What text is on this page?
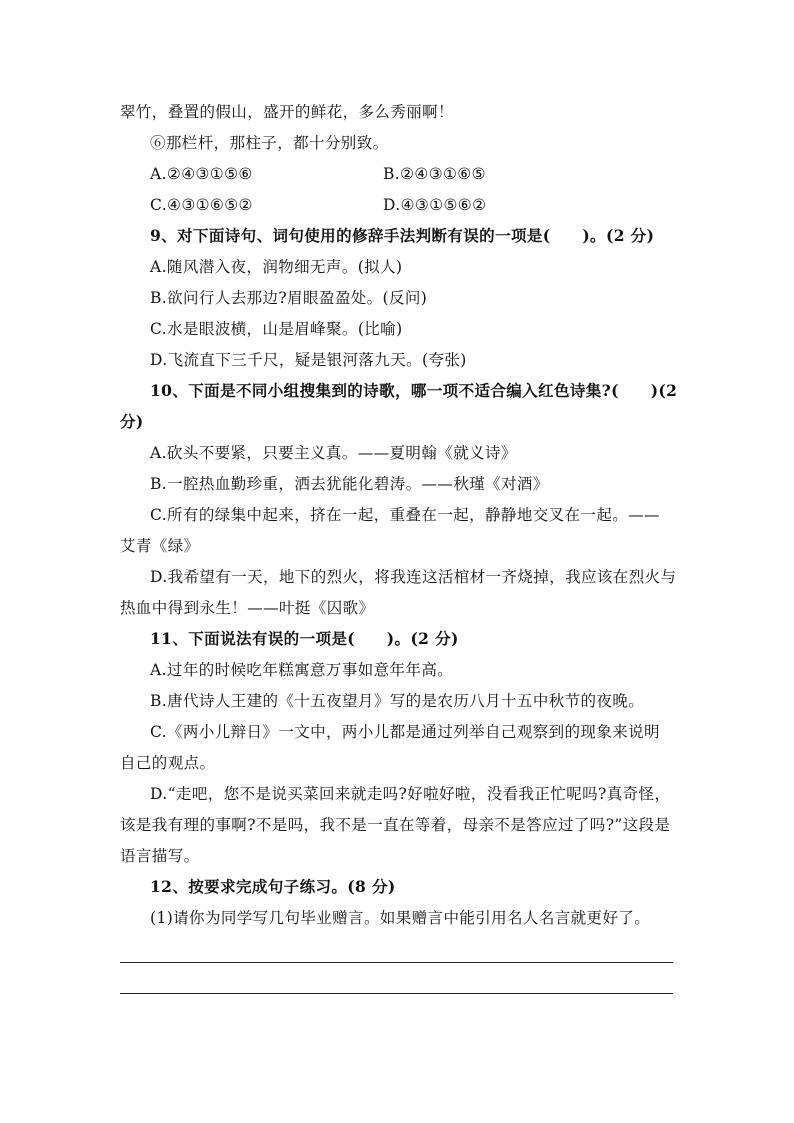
翠竹，叠置的假山，盛开的鲜花，多么秀丽啊！
⑥那栏杆，那柱子，都十分别致。
A.②④③①⑤⑥	B.②④③①⑥⑤
C.④③①⑥⑤②	D.④③①⑤⑥②
9、对下面诗句、词句使用的修辞手法判断有误的一项是(　　)。(2 分)
A.随风潜入夜，润物细无声。(拟人)
B.欲问行人去那边?眉眼盈盈处。(反问)
C.水是眼波横，山是眉峰聚。(比喻)
D.飞流直下三千尺，疑是银河落九天。(夸张)
10、下面是不同小组搜集到的诗歌，哪一项不适合编入红色诗集?(　　)(2
分)
A.砍头不要紧，只要主义真。——夏明翰《就义诗》
B.一腔热血勤珍重，洒去犹能化碧涛。——秋瑾《对酒》
C.所有的绿集中起来，挤在一起，重叠在一起，静静地交叉在一起。——
艾青《绿》
D.我希望有一天，地下的烈火，将我连这活棺材一齐烧掉，我应该在烈火与
热血中得到永生！——叶挺《囚歌》
11、下面说法有误的一项是(　　)。(2 分)
A.过年的时候吃年糕寓意万事如意年年高。
B.唐代诗人王建的《十五夜望月》写的是农历八月十五中秋节的夜晚。
C.《两小儿辩日》一文中，两小儿都是通过列举自己观察到的现象来说明
自己的观点。
D.“走吧，您不是说买菜回来就走吗?好啦好啦，没看我正忙呢吗?真奇怪，
该是我有理的事啊?不是吗，我不是一直在等着，母亲不是答应过了吗?”这段是
语言描写。
12、按要求完成句子练习。(8 分)
(1)请你为同学写几句毕业赠言。如果赠言中能引用名人名言就更好了。
